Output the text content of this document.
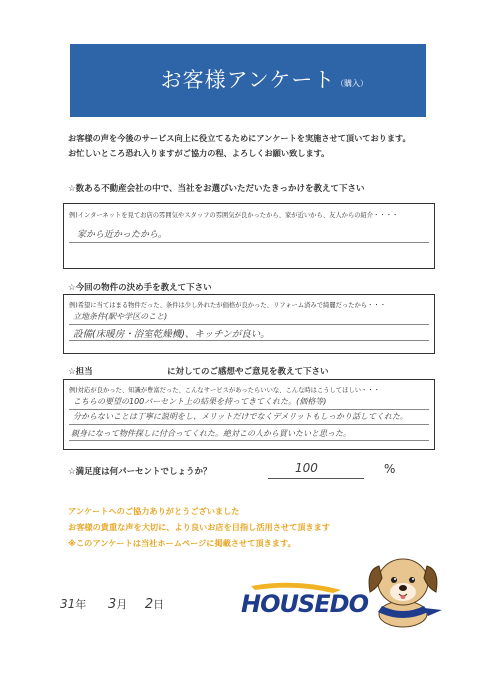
お客様アンケート （購入）
お客様の声を今後のサービス向上に役立てるためにアンケートを実施させて頂いております。
お忙しいところ恐れ入りますがご協力の程、よろしくお願い致します。
☆数ある不動産会社の中で、当社をお選びいただいたきっかけを教えて下さい
例)インターネットを見てお店の雰囲気やスタッフの雰囲気が良かったから、家が近いから、友人からの紹介・・・・
家から近かったから。
☆今回の物件の決め手を教えて下さい
例)希望に当てはまる物件だった、条件は少し外れたが価格が良かった、リフォーム済みで綺麗だったから・・・
立地条件(駅や学区のこと)
設備(床暖房・浴室乾燥機)、キッチンが良い。
☆担当	に対してのご感想やご意見を教えて下さい
例)対応が良かった、知識が豊富だった、こんなサービスがあったらいいな、こんな時はこうしてほしい・・・
こちらの要望の100パーセント上の結果を持ってきてくれた。(価格等)
分からないことは丁寧に説明をし、メリットだけでなくデメリットもしっかり話してくれた。
親身になって物件探しに付合ってくれた。絶対この人から買いたいと思った。
☆満足度は何パーセントでしょうか？	100	%
アンケートへのご協力ありがとうございました
お客様の貴重な声を大切に、より良いお店を目指し活用させて頂きます
※このアンケートは当社ホームページに掲載させて頂きます。
31年 3月 2日	HOUSEDO
